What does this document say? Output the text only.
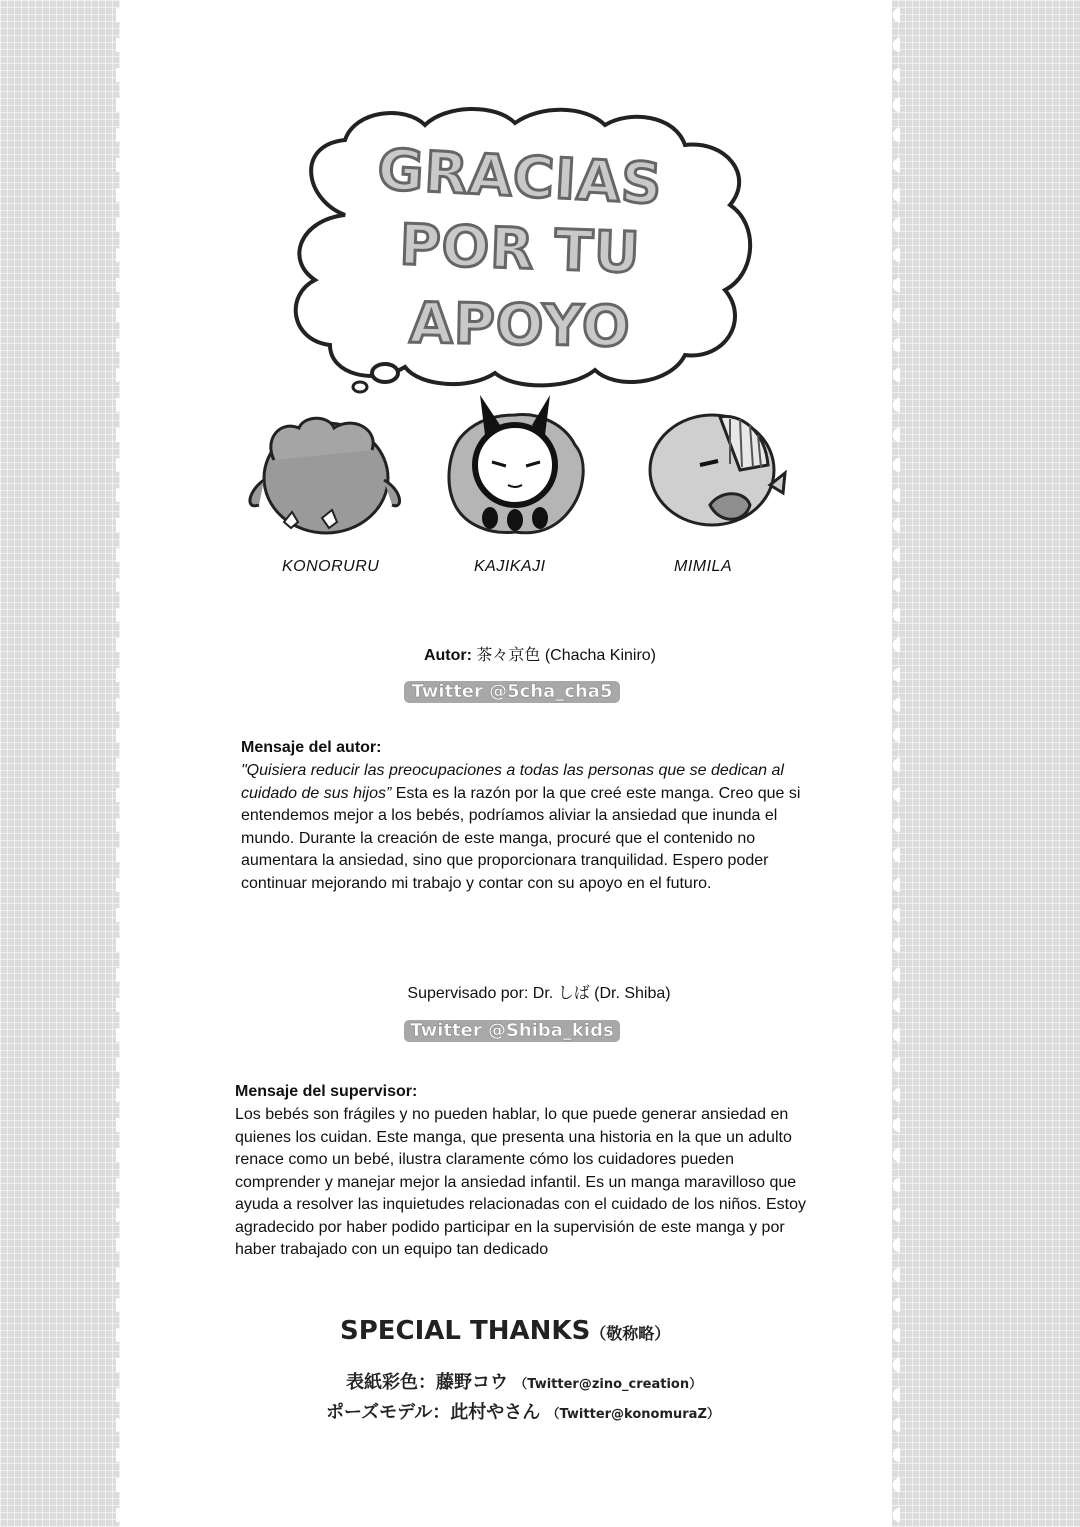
GRACIAS
POR TU
APOYO
KONORURU	KAJIKAJI	MIMILA
Autor: 茶々京色 (Chacha Kiniro)
Twitter @5cha_cha5
Mensaje del autor:

"Quisiera reducir las preocupaciones a todas las personas que se dedican al cuidado de sus hijos” Esta es la razón por la que creé este manga. Creo que si entendemos mejor a los bebés, podríamos aliviar la ansiedad que inunda el mundo. Durante la creación de este manga, procuré que el contenido no aumentara la ansiedad, sino que proporcionara tranquilidad. Espero poder continuar mejorando mi trabajo y contar con su apoyo en el futuro.

Supervisado por: Dr. しば (Dr. Shiba)
Twitter @Shiba_kids
Mensaje del supervisor:
Los bebés son frágiles y no pueden hablar, lo que puede generar ansiedad en quienes los cuidan. Este manga, que presenta una historia en la que un adulto renace como un bebé, ilustra claramente cómo los cuidadores pueden comprender y manejar mejor la ansiedad infantil. Es un manga maravilloso que ayuda a resolver las inquietudes relacionadas con el cuidado de los niños. Estoy agradecido por haber podido participar en la supervisión de este manga y por haber trabajado con un equipo tan dedicado
SPECIAL THANKS（敬称略）
表紙彩色：藤野コウ （Twitter@zino_creation）
ポーズモデル：此村やさん （Twitter@konomuraZ）
